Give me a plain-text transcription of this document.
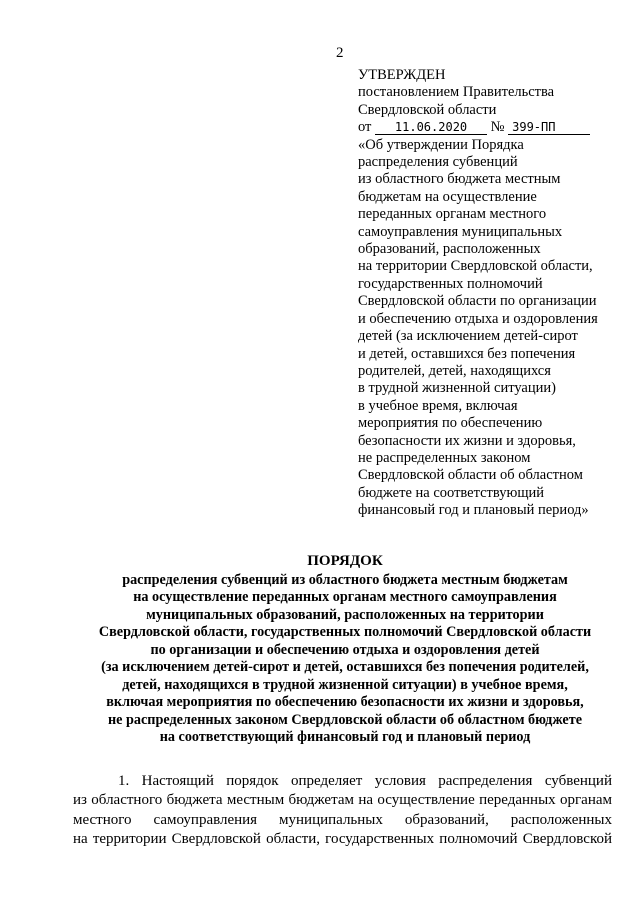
2
УТВЕРЖДЕН
постановлением Правительства
Свердловской области
от 11.06.2020 № 399-ПП
«Об утверждении Порядка
распределения субвенций
из областного бюджета местным
бюджетам на осуществление
переданных органам местного
самоуправления муниципальных
образований, расположенных
на территории Свердловской области,
государственных полномочий
Свердловской области по организации
и обеспечению отдыха и оздоровления
детей (за исключением детей-сирот
и детей, оставшихся без попечения
родителей, детей, находящихся
в трудной жизненной ситуации)
в учебное время, включая
мероприятия по обеспечению
безопасности их жизни и здоровья,
не распределенных законом
Свердловской области об областном
бюджете на соответствующий
финансовый год и плановый период»
ПОРЯДОК
распределения субвенций из областного бюджета местным бюджетам
на осуществление переданных органам местного самоуправления
муниципальных образований, расположенных на территории
Свердловской области, государственных полномочий Свердловской области
по организации и обеспечению отдыха и оздоровления детей
(за исключением детей-сирот и детей, оставшихся без попечения родителей,
детей, находящихся в трудной жизненной ситуации) в учебное время,
включая мероприятия по обеспечению безопасности их жизни и здоровья,
не распределенных законом Свердловской области об областном бюджете
на соответствующий финансовый год и плановый период
1. Настоящий порядок определяет условия распределения субвенций
из областного бюджета местным бюджетам на осуществление переданных органам
местного самоуправления муниципальных образований, расположенных
на территории Свердловской области, государственных полномочий Свердловской
